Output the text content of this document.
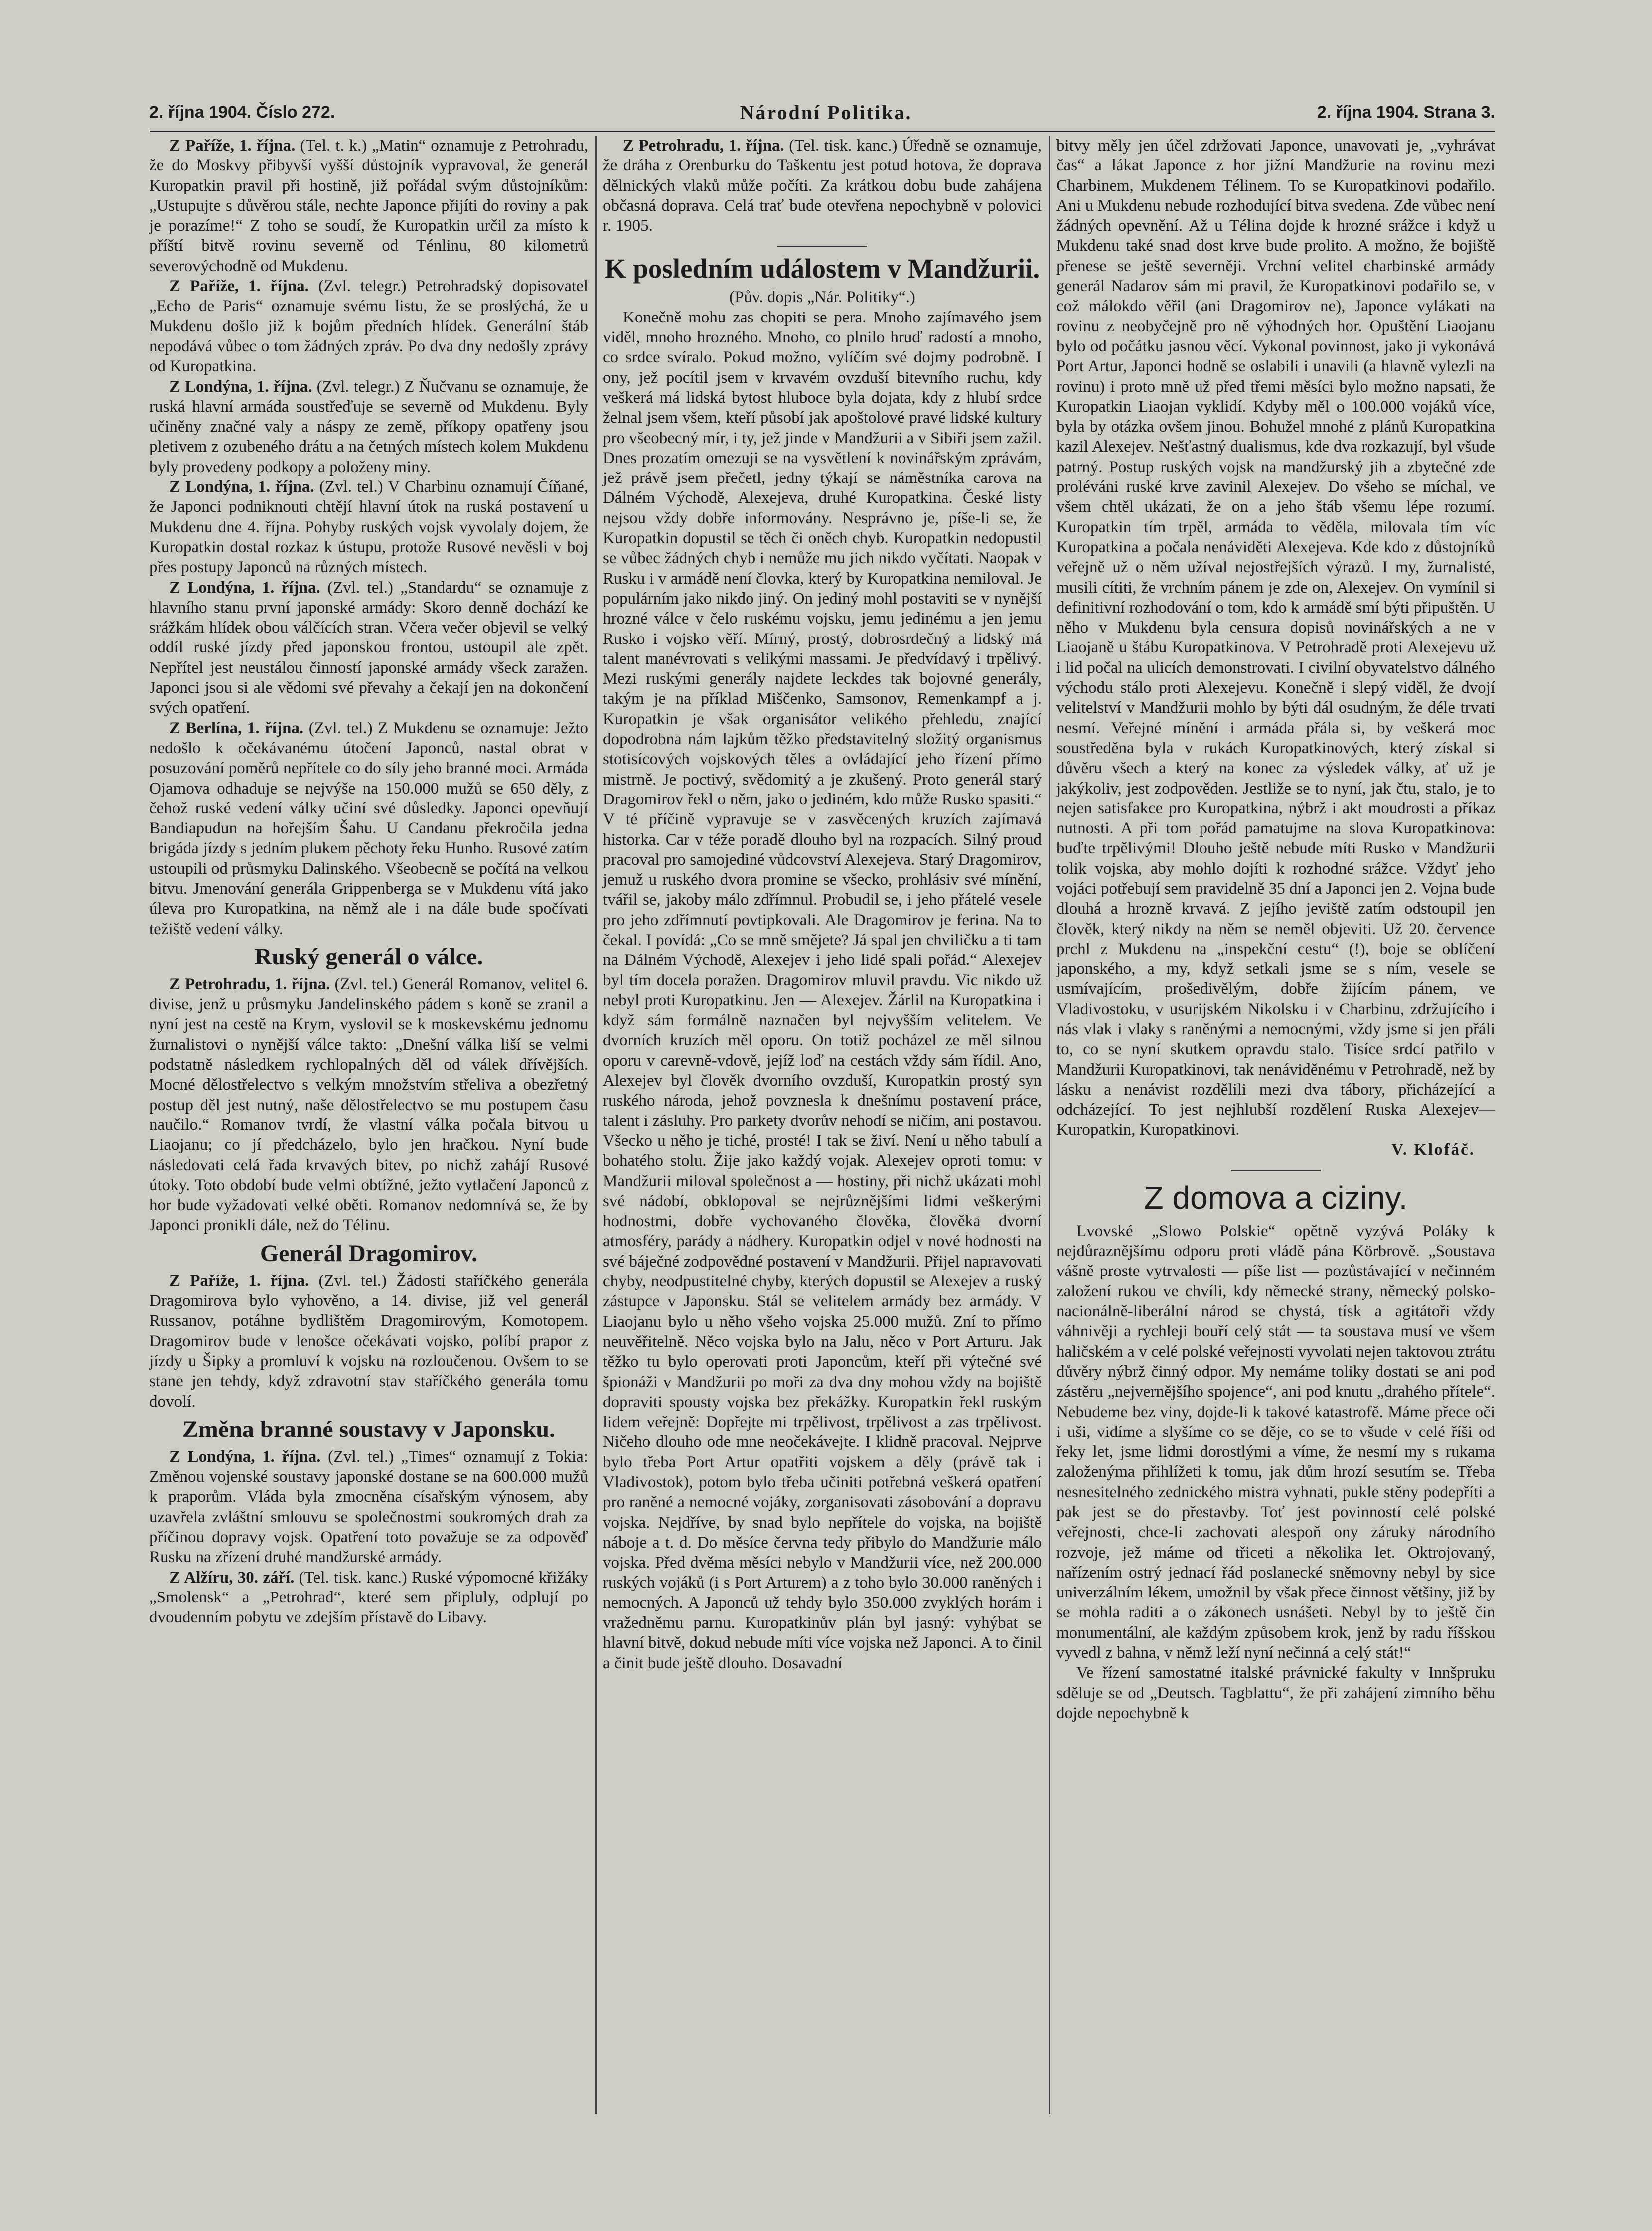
2. října 1904. Číslo 272.	Národní Politika.	2. října 1904. Strana 3.

Z Paříže, 1. října. (Tel. t. k.) „Matin“ oznamuje z Petrohradu, že do Moskvy přibyvší vyšší důstojník vypravoval, že generál Kuropatkin pravil při hostině, již pořádal svým důstojníkům: „Ustupujte s důvěrou stále, nechte Japonce přijíti do roviny a pak je porazíme!“ Z toho se soudí, že Kuropatkin určil za místo k příští bitvě rovinu severně od Ténlinu, 80 kilometrů severovýchodně od Mukdenu.

Z Paříže, 1. října. (Zvl. telegr.) Petrohradský dopisovatel „Echo de Paris“ oznamuje svému listu, že se proslýchá, že u Mukdenu došlo již k bojům předních hlídek. Generální štáb nepodává vůbec o tom žádných zpráv. Po dva dny nedošly zprávy od Kuropatkina.

Z Londýna, 1. října. (Zvl. telegr.) Z Ňučvanu se oznamuje, že ruská hlavní armáda soustřeďuje se severně od Mukdenu. Byly učiněny značné valy a náspy ze země, příkopy opatřeny jsou pletivem z ozubeného drátu a na četných místech kolem Mukdenu byly provedeny podkopy a položeny miny.

Z Londýna, 1. října. (Zvl. tel.) V Charbinu oznamují Číňané, že Japonci podniknouti chtějí hlavní útok na ruská postavení u Mukdenu dne 4. října. Pohyby ruských vojsk vyvolaly dojem, že Kuropatkin dostal rozkaz k ústupu, protože Rusové nevěsli v boj přes postupy Japonců na různých místech.

Z Londýna, 1. října. (Zvl. tel.) „Standardu“ se oznamuje z hlavního stanu první japonské armády: Skoro denně dochází ke srážkám hlídek obou válčících stran. Včera večer objevil se velký oddíl ruské jízdy před japonskou frontou, ustoupil ale zpět. Nepřítel jest neustálou činností japonské armády všeck zaražen. Japonci jsou si ale vědomi své převahy a čekají jen na dokončení svých opatření.

Z Berlína, 1. října. (Zvl. tel.) Z Mukdenu se oznamuje: Ježto nedošlo k očekávanému útočení Japonců, nastal obrat v posuzování poměrů nepřítele co do síly jeho branné moci. Armáda Ojamova odhaduje se nejvýše na 150.000 mužů se 650 děly, z čehož ruské vedení války učiní své důsledky. Japonci opevňují Bandiapudun na hořejším Šahu. U Candanu překročila jedna brigáda jízdy s jedním plukem pěchoty řeku Hunho. Rusové zatím ustoupili od průsmyku Dalinského. Všeobecně se počítá na velkou bitvu. Jmenování generála Grippenberga se v Mukdenu vítá jako úleva pro Kuropatkina, na němž ale i na dále bude spočívati težiště vedení války.

Ruský generál o válce.

Z Petrohradu, 1. října. (Zvl. tel.) Generál Romanov, velitel 6. divise, jenž u průsmyku Jandelinského pádem s koně se zranil a nyní jest na cestě na Krym, vyslovil se k moskevskému jednomu žurnalistovi o nynější válce takto: „Dnešní válka liší se velmi podstatně následkem rychlopalných děl od válek dřívějších. Mocné dělostřelectvo s velkým množstvím střeliva a obezřetný postup děl jest nutný, naše dělostřelectvo se mu postupem času naučilo.“ Romanov tvrdí, že vlastní válka počala bitvou u Liaojanu; co jí předcházelo, bylo jen hračkou. Nyní bude následovati celá řada krvavých bitev, po nichž zahájí Rusové útoky. Toto období bude velmi obtížné, ježto vytlačení Japonců z hor bude vyžadovati velké oběti. Romanov nedomnívá se, že by Japonci pronikli dále, než do Télinu.

Generál Dragomirov.

Z Paříže, 1. října. (Zvl. tel.) Žádosti staříčkého generála Dragomirova bylo vyhověno, a 14. divise, již vel generál Russanov, potáhne bydlištěm Dragomirovým, Komotopem. Dragomirov bude v lenošce očekávati vojsko, políbí prapor z jízdy u Šipky a promluví k vojsku na rozloučenou. Ovšem to se stane jen tehdy, když zdravotní stav staříčkého generála tomu dovolí.

Změna branné soustavy v Japonsku.

Z Londýna, 1. října. (Zvl. tel.) „Times“ oznamují z Tokia: Změnou vojenské soustavy japonské dostane se na 600.000 mužů k praporům. Vláda byla zmocněna císařským výnosem, aby uzavřela zvláštní smlouvu se společnostmi soukromých drah za příčinou dopravy vojsk. Opatření toto považuje se za odpověď Rusku na zřízení druhé mandžurské armády.

Z Alžíru, 30. září. (Tel. tisk. kanc.) Ruské výpomocné křižáky „Smolensk“ a „Petrohrad“, které sem připluly, odplují po dvoudenním pobytu ve zdejším přístavě do Libavy.

Z Petrohradu, 1. října. (Tel. tisk. kanc.) Úředně se oznamuje, že dráha z Orenburku do Taškentu jest potud hotova, že doprava dělnických vlaků může počíti. Za krátkou dobu bude zahájena občasná doprava. Celá trať bude otevřena nepochybně v polovici r. 1905.

K posledním událostem v Mandžurii.

(Pův. dopis „Nár. Politiky“.)

Konečně mohu zas chopiti se pera. Mnoho zajímavého jsem viděl, mnoho hrozného. Mnoho, co plnilo hruď radostí a mnoho, co srdce svíralo. Pokud možno, vylíčím své dojmy podrobně. I ony, jež pocítil jsem v krvavém ovzduší bitevního ruchu, kdy veškerá má lidská bytost hluboce byla dojata, kdy z hlubí srdce želnal jsem všem, kteří působí jak apoštolové pravé lidské kultury pro všeobecný mír, i ty, jež jinde v Mandžurii a v Sibiři jsem zažil. Dnes prozatím omezuji se na vysvětlení k novinářským zprávám, jež právě jsem přečetl, jedny týkají se náměstníka carova na Dálném Východě, Alexejeva, druhé Kuropatkina. České listy nejsou vždy dobře informovány. Nesprávno je, píše-li se, že Kuropatkin dopustil se těch či oněch chyb. Kuropatkin nedopustil se vůbec žádných chyb i nemůže mu jich nikdo vyčítati. Naopak v Rusku i v armádě není človka, který by Kuropatkina nemiloval. Je populárním jako nikdo jiný. On jediný mohl postaviti se v nynější hrozné válce v čelo ruskému vojsku, jemu jedinému a jen jemu Rusko i vojsko věří. Mírný, prostý, dobrosrdečný a lidský má talent manévrovati s velikými massami. Je předvídavý i trpělivý. Mezi ruskými generály najdete leckdes tak bojovné generály, takým je na příklad Miščenko, Samsonov, Remenkampf a j. Kuropatkin je však organisátor velikého přehledu, znající dopodrobna nám lajkům těžko představitelný složitý organismus stotisícových vojskových těles a ovládající jeho řízení přímo mistrně. Je poctivý, svědomitý a je zkušený. Proto generál starý Dragomirov řekl o něm, jako o jediném, kdo může Rusko spasiti.“ V té příčině vypravuje se v zasvěcených kruzích zajímavá historka. Car v téže poradě dlouho byl na rozpacích. Silný proud pracoval pro samojediné vůdcovství Alexejeva. Starý Dragomirov, jemuž u ruského dvora promine se všecko, prohlásiv své mínění, tvářil se, jakoby málo zdřímnul. Probudil se, i jeho přátelé vesele pro jeho zdřímnutí povtipkovali. Ale Dragomirov je ferina. Na to čekal. I povídá: „Co se mně smějete? Já spal jen chviličku a ti tam na Dálném Východě, Alexejev i jeho lidé spali pořád.“ Alexejev byl tím docela poražen. Dragomirov mluvil pravdu. Vic nikdo už nebyl proti Kuropatkinu. Jen — Alexejev. Žárlil na Kuropatkina i když sám formálně naznačen byl nejvyšším velitelem. Ve dvorních kruzích měl oporu. On totiž pocházel ze měl silnou oporu v carevně-vdově, jejíž loď na cestách vždy sám řídil. Ano, Alexejev byl člověk dvorního ovzduší, Kuropatkin prostý syn ruského národa, jehož povznesla k dnešnímu postavení práce, talent i zásluhy. Pro parkety dvorův nehodí se ničím, ani postavou. Všecko u něho je tiché, prosté! I tak se živí. Není u něho tabulí a bohatého stolu. Žije jako každý vojak. Alexejev oproti tomu: v Mandžurii miloval společnost a — hostiny, při nichž ukázati mohl své nádobí, obklopoval se nejrůznějšími lidmi veškerými hodnostmi, dobře vychovaného člověka, člověka dvorní atmosféry, parády a nádhery. Kuropatkin odjel v nové hodnosti na své báječné zodpovědné postavení v Mandžurii. Přijel napravovati chyby, neodpustitelné chyby, kterých dopustil se Alexejev a ruský zástupce v Japonsku. Stál se velitelem armády bez armády. V Liaojanu bylo u něho všeho vojska 25.000 mužů. Zní to přímo neuvěřitelně. Něco vojska bylo na Jalu, něco v Port Arturu. Jak těžko tu bylo operovati proti Japoncům, kteří při výtečné své špionáži v Mandžurii po moři za dva dny mohou vždy na bojiště dopraviti spousty vojska bez překážky. Kuropatkin řekl ruským lidem veřejně: Dopřejte mi trpělivost, trpělivost a zas trpělivost. Ničeho dlouho ode mne neočekávejte. I klidně pracoval. Nejprve bylo třeba Port Artur opatřiti vojskem a děly (právě tak i Vladivostok), potom bylo třeba učiniti potřebná veškerá opatření pro raněné a nemocné vojáky, zorganisovati zásobování a dopravu vojska. Nejdříve, by snad bylo nepřítele do vojska, na bojiště náboje a t. d. Do měsíce června tedy přibylo do Mandžurie málo vojska. Před dvěma měsíci nebylo v Mandžurii více, než 200.000 ruských vojáků (i s Port Arturem) a z toho bylo 30.000 raněných i nemocných. A Japonců už tehdy bylo 350.000 zvyklých horám i vražedněmu parnu. Kuropatkinův plán byl jasný: vyhýbat se hlavní bitvě, dokud nebude míti více vojska než Japonci. A to činil a činit bude ještě dlouho. Dosavadní

bitvy měly jen účel zdržovati Japonce, unavovati je, „vyhrávat čas“ a lákat Japonce z hor jižní Mandžurie na rovinu mezi Charbinem, Mukdenem Télinem. To se Kuropatkinovi podařilo. Ani u Mukdenu nebude rozhodující bitva svedena. Zde vůbec není žádných opevnění. Až u Télina dojde k hrozné srážce i když u Mukdenu také snad dost krve bude prolito. A možno, že bojiště přenese se ještě severněji. Vrchní velitel charbinské armády generál Nadarov sám mi pravil, že Kuropatkinovi podařilo se, v což málokdo věřil (ani Dragomirov ne), Japonce vylákati na rovinu z neobyčejně pro ně výhodných hor. Opuštění Liaojanu bylo od počátku jasnou věcí. Vykonal povinnost, jako ji vykonává Port Artur, Japonci hodně se oslabili i unavili (a hlavně vylezli na rovinu) i proto mně už před třemi měsíci bylo možno napsati, že Kuropatkin Liaojan vyklidí. Kdyby měl o 100.000 vojáků více, byla by otázka ovšem jinou. Bohužel mnohé z plánů Kuropatkina kazil Alexejev. Nešťastný dualismus, kde dva rozkazují, byl všude patrný. Postup ruských vojsk na mandžurský jih a zbytečné zde proléváni ruské krve zavinil Alexejev. Do všeho se míchal, ve všem chtěl ukázati, že on a jeho štáb všemu lépe rozumí. Kuropatkin tím trpěl, armáda to věděla, milovala tím víc Kuropatkina a počala nenáviděti Alexejeva. Kde kdo z důstojníků veřejně už o něm užíval nejostřejších výrazů. I my, žurnalisté, musili cítiti, že vrchním pánem je zde on, Alexejev. On vymínil si definitivní rozhodování o tom, kdo k armádě smí býti připuštěn. U něho v Mukdenu byla censura dopisů novinářských a ne v Liaojaně u štábu Kuropatkinova. V Petrohradě proti Alexejevu už i lid počal na ulicích demonstrovati. I civilní obyvatelstvo dálného východu stálo proti Alexejevu. Konečně i slepý viděl, že dvojí velitelství v Mandžurii mohlo by býti dál osudným, že déle trvati nesmí. Veřejné mínění i armáda přála si, by veškerá moc soustředěna byla v rukách Kuropatkinových, který získal si důvěru všech a který na konec za výsledek války, ať už je jakýkoliv, jest zodpověden. Jestliže se to nyní, jak čtu, stalo, je to nejen satisfakce pro Kuropatkina, nýbrž i akt moudrosti a příkaz nutnosti. A při tom pořád pamatujme na slova Kuropatkinova: buďte trpělivými! Dlouho ještě nebude míti Rusko v Mandžurii tolik vojska, aby mohlo dojíti k rozhodné srážce. Vždyť jeho vojáci potřebují sem pravidelně 35 dní a Japonci jen 2. Vojna bude dlouhá a hrozně krvavá. Z jejího jeviště zatím odstoupil jen člověk, který nikdy na něm se neměl objeviti. Už 20. července prchl z Mukdenu na „inspekční cestu“ (!), boje se oblíčení japonského, a my, když setkali jsme se s ním, vesele se usmívajícím, prošedivělým, dobře žijícím pánem, ve Vladivostoku, v usurijském Nikolsku i v Charbinu, zdržujícího i nás vlak i vlaky s raněnými a nemocnými, vždy jsme si jen přáli to, co se nyní skutkem opravdu stalo. Tisíce srdcí patřilo v Mandžurii Kuropatkinovi, tak nenáviděnému v Petrohradě, než by lásku a nenávist rozdělili mezi dva tábory, přicházející a odcházející. To jest nejhlubší rozdělení Ruska Alexejev—Kuropatkin, Kuropatkinovi.

V. Klofáč.

Z domova a ciziny.

Lvovské „Slowo Polskie“ opětně vyzývá Poláky k nejdůraznějšímu odporu proti vládě pána Körbrově. „Soustava vášně proste vytrvalosti — píše list — pozůstávající v nečinném založení rukou ve chvíli, kdy německé strany, německý polsko-nacionálně-liberální národ se chystá, tísk a agitátoři vždy váhnivěji a rychleji bouří celý stát — ta soustava musí ve všem haličském a v celé polské veřejnosti vyvolati nejen taktovou ztrátu důvěry nýbrž činný odpor. My nemáme toliky dostati se ani pod zástěru „nejvernějšího spojence“, ani pod knutu „drahého přítele“. Nebudeme bez viny, dojde-li k takové katastrofě. Máme přece oči i uši, vidíme a slyšíme co se děje, co se to všude v celé říši od řeky let, jsme lidmi dorostlými a víme, že nesmí my s rukama založenýma přihlížeti k tomu, jak dům hrozí sesutím se. Třeba nesnesitelného zednického mistra vyhnati, pukle stěny podepříti a pak jest se do přestavby. Toť jest povinností celé polské veřejnosti, chce-li zachovati alespoň ony záruky národního rozvoje, jež máme od třiceti a několika let. Oktrojovaný, nařízením ostrý jednací řád poslanecké sněmovny nebyl by sice univerzálním lékem, umožnil by však přece činnost většiny, již by se mohla raditi a o zákonech usnášeti. Nebyl by to ještě čin monumentální, ale každým způsobem krok, jenž by radu říšskou vyvedl z bahna, v němž leží nyní nečinná a celý stát!“

Ve řízení samostatné italské právnické fakulty v Innšpruku sděluje se od „Deutsch. Tagblattu“, že při zahájení zimního běhu dojde nepochybně k
